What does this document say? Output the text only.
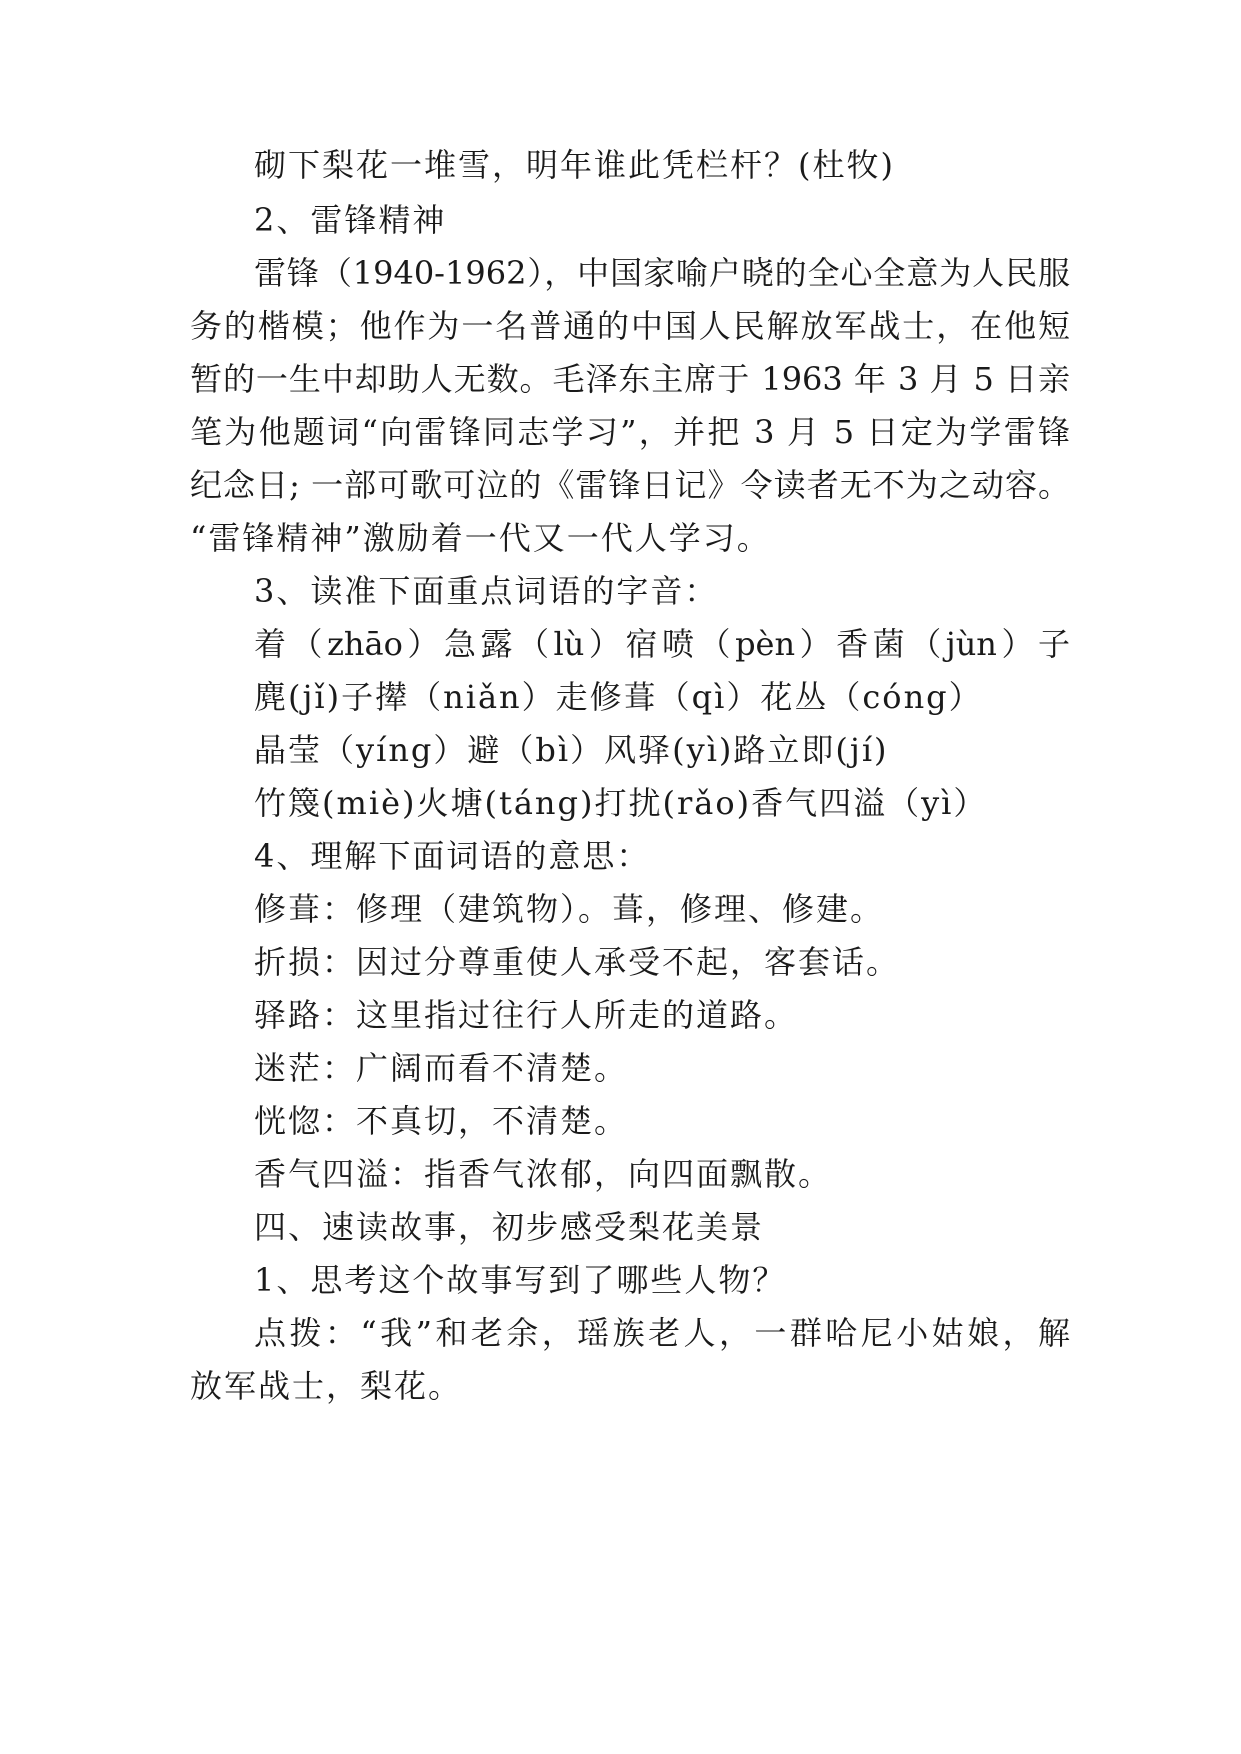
砌下梨花一堆雪，明年谁此凭栏杆？(杜牧)
2、雷锋精神
雷锋（1940-1962），中国家喻户晓的全心全意为人民服
务的楷模；他作为一名普通的中国人民解放军战士，在他短
暂的一生中却助人无数。毛泽东主席于 1963 年 3 月 5 日亲
笔为他题词“向雷锋同志学习”，并把 3 月 5 日定为学雷锋
纪念日; 一部可歌可泣的《雷锋日记》令读者无不为之动容。
“雷锋精神”激励着一代又一代人学习。
3、读准下面重点词语的字音：
着（zhāo）急露（lù）宿喷（pèn）香菌（jùn）子
麂(jǐ)子撵（niǎn）走修葺（qì）花丛（cóng）
晶莹（yíng）避（bì）风驿(yì)路立即(jí)
竹篾(miè)火塘(táng)打扰(rǎo)香气四溢（yì）
4、理解下面词语的意思：
修葺：修理（建筑物）。葺，修理、修建。
折损：因过分尊重使人承受不起，客套话。
驿路：这里指过往行人所走的道路。
迷茫：广阔而看不清楚。
恍惚：不真切，不清楚。
香气四溢：指香气浓郁，向四面飘散。
四、速读故事，初步感受梨花美景
1、思考这个故事写到了哪些人物？
点拨：“我”和老余，瑶族老人，一群哈尼小姑娘，解
放军战士，梨花。
